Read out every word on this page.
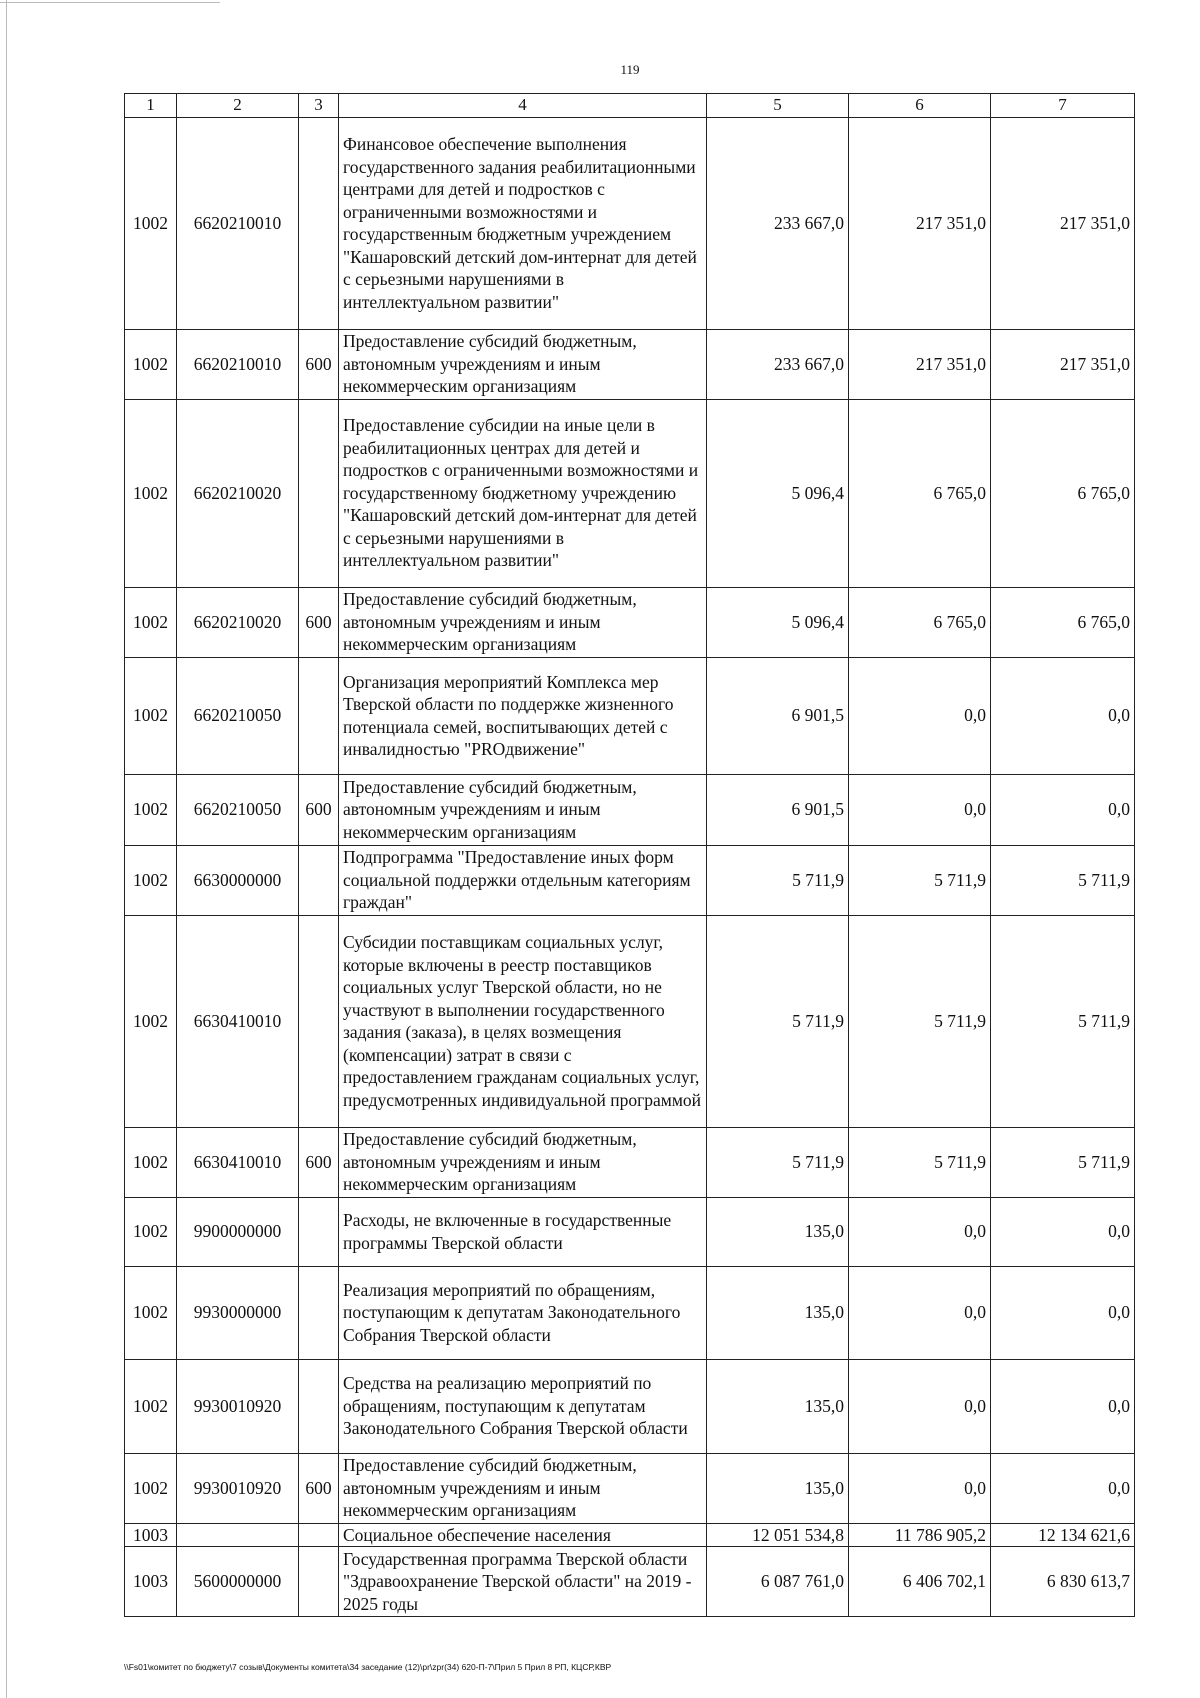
119
1	2	3	4	5	6	7
1002	6620210010		Финансовое обеспечение выполнения государственного задания реабилитационными центрами для детей и подростков с ограниченными возможностями и государственным бюджетным учреждением "Кашаровский детский дом-интернат для детей с серьезными нарушениями в интеллектуальном развитии"	233 667,0	217 351,0	217 351,0
1002	6620210010	600	Предоставление субсидий бюджетным, автономным учреждениям и иным некоммерческим организациям	233 667,0	217 351,0	217 351,0
1002	6620210020		Предоставление субсидии на иные цели в реабилитационных центрах для детей и подростков с ограниченными возможностями и государственному бюджетному учреждению "Кашаровский детский дом-интернат для детей с серьезными нарушениями в интеллектуальном развитии"	5 096,4	6 765,0	6 765,0
1002	6620210020	600	Предоставление субсидий бюджетным, автономным учреждениям и иным некоммерческим организациям	5 096,4	6 765,0	6 765,0
1002	6620210050		Организация мероприятий Комплекса мер Тверской области по поддержке жизненного потенциала семей, воспитывающих детей с инвалидностью "PROдвижение"	6 901,5	0,0	0,0
1002	6620210050	600	Предоставление субсидий бюджетным, автономным учреждениям и иным некоммерческим организациям	6 901,5	0,0	0,0
1002	6630000000		Подпрограмма "Предоставление иных форм социальной поддержки отдельным категориям граждан"	5 711,9	5 711,9	5 711,9
1002	6630410010		Субсидии поставщикам социальных услуг, которые включены в реестр поставщиков социальных услуг Тверской области, но не участвуют в выполнении государственного задания (заказа), в целях возмещения (компенсации) затрат в связи с предоставлением гражданам социальных услуг, предусмотренных индивидуальной программой	5 711,9	5 711,9	5 711,9
1002	6630410010	600	Предоставление субсидий бюджетным, автономным учреждениям и иным некоммерческим организациям	5 711,9	5 711,9	5 711,9
1002	9900000000		Расходы, не включенные в государственные программы Тверской области	135,0	0,0	0,0
1002	9930000000		Реализация мероприятий по обращениям, поступающим к депутатам Законодательного Собрания Тверской области	135,0	0,0	0,0
1002	9930010920		Средства на реализацию мероприятий по обращениям, поступающим к депутатам Законодательного Собрания Тверской области	135,0	0,0	0,0
1002	9930010920	600	Предоставление субсидий бюджетным, автономным учреждениям и иным некоммерческим организациям	135,0	0,0	0,0
1003			Социальное обеспечение населения	12 051 534,8	11 786 905,2	12 134 621,6
1003	5600000000		Государственная программа Тверской области "Здравоохранение Тверской области" на 2019 - 2025 годы	6 087 761,0	6 406 702,1	6 830 613,7
\\Fs01\комитет по бюджету\7 созыв\Документы комитета\34 заседание (12)\pr\zpr(34) 620-П-7\Прил 5 Прил 8 РП, КЦСР,КВР
